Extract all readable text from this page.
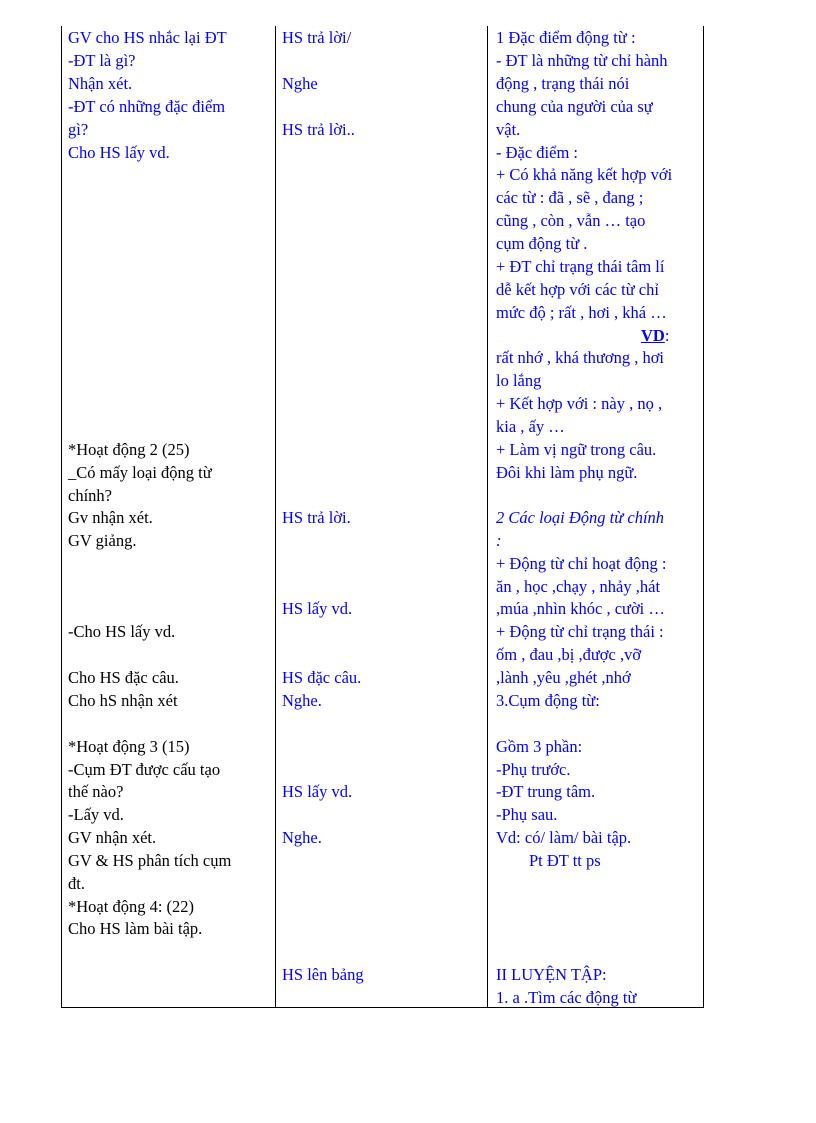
GV cho HS nhắc lại ĐT
-ĐT là gì?
Nhận xét.
-ĐT có những đặc điểm
gì?
Cho HS lấy vd.
*Hoạt động 2 (25)
_Có mấy loại động từ
chính?
Gv nhận xét.
GV giảng.
-Cho HS lấy vd.
Cho HS đặc câu.
Cho hS nhận xét
*Hoạt động 3 (15)
-Cụm ĐT được cấu tạo
thế nào?
-Lấy vd.
GV nhận xét.
GV & HS phân tích cụm
đt.
*Hoạt động 4: (22)
Cho HS làm bài tập.
HS trả lời/
Nghe
HS trả lời..
HS trả lời.
HS lấy vd.
HS đặc câu.
Nghe.
HS lấy vd.
Nghe.
HS lên bảng
1 Đặc điểm động từ :
- ĐT là những từ chỉ hành
động , trạng thái nói
chung của người của sự
vật.
- Đặc điểm :
+ Có khả năng kết hợp với
các từ : đã , sẽ , đang ;
cũng , còn , vẫn … tạo
cụm động từ .
+ ĐT chỉ trạng thái tâm lí
dễ kết hợp với các từ chỉ
mức độ ; rất , hơi , khá …
rất nhớ , khá thương , hơi
lo lắng
+ Kết hợp với : này , nọ ,
kia , ấy …
+ Làm vị ngữ trong câu.
Đôi khi làm phụ ngữ.
2 Các loại Động từ chính
:
+ Động từ chỉ hoạt động :
ăn , học ,chạy , nhảy ,hát
,múa ,nhìn khóc , cười …
+ Động từ chỉ trạng thái :
ốm , đau ,bị ,được ,vỡ
,lành ,yêu ,ghét ,nhớ
3.Cụm động từ:
Gồm 3 phần:
-Phụ trước.
-ĐT trung tâm.
-Phụ sau.
Vd: có/ làm/ bài tập.
Pt ĐT tt ps
II LUYỆN TẬP:
1. a .Tìm các động từ
VD:
